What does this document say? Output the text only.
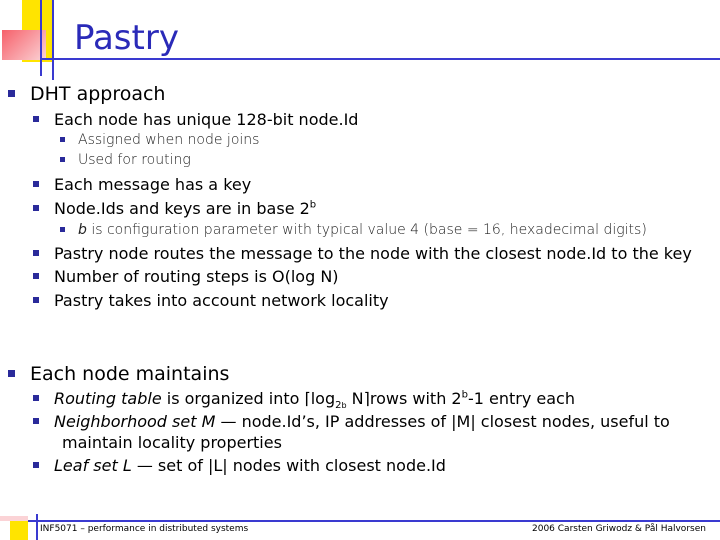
Pastry
DHT approach
Each node has unique 128-bit node.Id
Assigned when node joins
Used for routing
Each message has a key
Node.Ids and keys are in base 2$^b$
b is configuration parameter with typical value 4 (base = 16, hexadecimal digits)
Pastry node routes the message to the node with the closest node.Id to the key
Number of routing steps is O(log N)
Pastry takes into account network locality
Each node maintains
Routing table is organized into $⌈\log_{2b}$ N⌉rows with 2$^b$-1 entry each
Neighborhood set M — node.Id’s, IP addresses of |M| closest nodes, useful to
maintain locality properties
Leaf set L — set of |L| nodes with closest node.Id
INF5071 – performance in distributed systems	2006 Carsten Griwodz & Pål Halvorsen
